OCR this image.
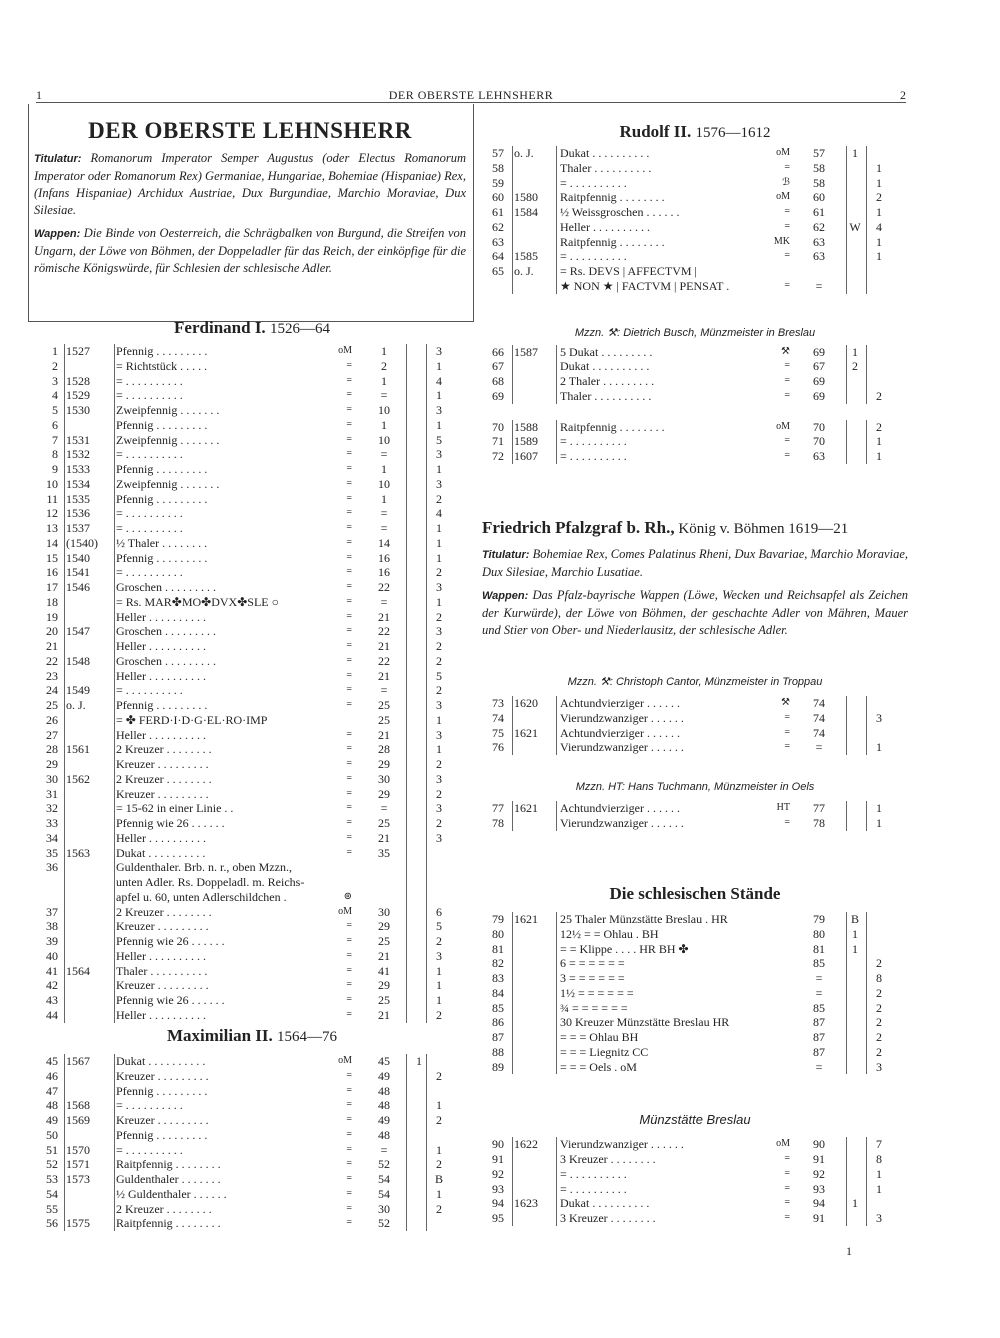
1	DER OBERSTE LEHNSHERR	2
DER OBERSTE LEHNSHERR

Titulatur: Romanorum Imperator Semper Augustus (oder Electus Romanorum Imperator oder Romanorum Rex) Germaniae, Hungariae, Bohemiae (Hispaniae) Rex, (Infans Hispaniae) Archidux Austriae, Dux Burgundiae, Marchio Moraviae, Dux Silesiae.

Wappen: Die Binde von Oesterreich, die Schrägbalken von Burgund, die Streifen von Ungarn, der Löwe von Böhmen, der Doppeladler für das Reich, der einköpfige für die römische Königswürde, für Schlesien der schlesische Adler.

Ferdinand I. 1526—64

1 1527	Pfennig . . . . . . . . .	oM	1	3
2	= Richtstück . . . . .	=	2	1
3 1528	= . . . . . . . . . .	=	1	4
4 1529	= . . . . . . . . . .	=	=	1
5 1530	Zweipfennig . . . . . . .	=	10	3
6	Pfennig . . . . . . . . .	=	1	1
7 1531	Zweipfennig . . . . . . .	=	10	5
8 1532	= . . . . . . . . . .	=	=	3
9 1533	Pfennig . . . . . . . . .	=	1	1
10 1534	Zweipfennig . . . . . . .	=	10	3
11 1535	Pfennig . . . . . . . . .	=	1	2
12 1536	= . . . . . . . . . .	=	=	4
13 1537	= . . . . . . . . . .	=	=	1
14 (1540)	½ Thaler . . . . . . . .	=	14	1
15 1540	Pfennig . . . . . . . . .	=	16	1
16 1541	= . . . . . . . . . .	=	16	2
17 1546	Groschen . . . . . . . . .	=	22	3
18	= Rs. MAR✤MO✤DVX✤SLE ○	=	=	1
19	Heller . . . . . . . . . .	=	21	2
20 1547	Groschen . . . . . . . . .	=	22	3
21	Heller . . . . . . . . . .	=	21	2
22 1548	Groschen . . . . . . . . .	=	22	2
23	Heller . . . . . . . . . .	=	21	5
24 1549	= . . . . . . . . . .	=	=	2
25 o. J.	Pfennig . . . . . . . . .	=	25	3
26	= ✤ FERD·I·D·G·EL·RO·IMP	25	1
27	Heller . . . . . . . . . .	=	21	3
28 1561	2 Kreuzer . . . . . . . .	=	28	1
29	Kreuzer . . . . . . . . .	=	29	2
30 1562	2 Kreuzer . . . . . . . .	=	30	3
31	Kreuzer . . . . . . . . .	=	29	2
32	= 15-62 in einer Linie . .	=	=	3
33	Pfennig wie 26 . . . . . .	=	25	2
34	Heller . . . . . . . . . .	=	21	3
35 1563	Dukat . . . . . . . . . .	=	35
36	Guldenthaler. Brb. n. r., oben Mzzn.,
unten Adler. Rs. Doppeladl. m. Reichs-
apfel u. 60, unten Adlerschildchen .	⊚
37	2 Kreuzer . . . . . . . .	oM	30	6
38	Kreuzer . . . . . . . . .	=	29	5
39	Pfennig wie 26 . . . . . .	=	25	2
40	Heller . . . . . . . . . .	=	21	3
41 1564	Thaler . . . . . . . . . .	=	41	1
42	Kreuzer . . . . . . . . .	=	29	1
43	Pfennig wie 26 . . . . . .	=	25	1
44	Heller . . . . . . . . . .	=	21	2

Maximilian II. 1564—76

45 1567	Dukat . . . . . . . . . .	oM	45	1
46	Kreuzer . . . . . . . . .	=	49	2
47	Pfennig . . . . . . . . .	=	48
48 1568	= . . . . . . . . . .	=	48	1
49 1569	Kreuzer . . . . . . . . .	=	49	2
50	Pfennig . . . . . . . . .	=	48
51 1570	= . . . . . . . . . .	=	=	1
52 1571	Raitpfennig . . . . . . . .	=	52	2
53 1573	Guldenthaler . . . . . . .	=	54	B
54	½ Guldenthaler . . . . . .	=	54	1
55	2 Kreuzer . . . . . . . .	=	30	2
56 1575	Raitpfennig . . . . . . . .	=	52

Rudolf II. 1576—1612

57 o. J.	Dukat . . . . . . . . . .	oM	57	1
58	Thaler . . . . . . . . . .	=	58	1
59	= . . . . . . . . . .	ℬ	58	1
60 1580	Raitpfennig . . . . . . . .	oM	60	2
61 1584	½ Weissgroschen . . . . . .	=	61	1
62	Heller . . . . . . . . . .	=	62	W	4
63	Raitpfennig . . . . . . . .	MK	63	1
64 1585	= . . . . . . . . . .	=	63	1
65 o. J.	= Rs. DEVS | AFFECTVM |
★ NON ★ | FACTVM | PENSAT .	=	=

Mzzn. ⚒: Dietrich Busch, Münzmeister in Breslau

66 1587	5 Dukat . . . . . . . . .	⚒	69	1
67	Dukat . . . . . . . . . .	=	67	2
68	2 Thaler . . . . . . . . .	=	69
69	Thaler . . . . . . . . . .	=	69	2
70 1588	Raitpfennig . . . . . . . .	oM	70	2
71 1589	= . . . . . . . . . .	=	70	1
72 1607	= . . . . . . . . . .	=	63	1

Friedrich Pfalzgraf b. Rh., König v. Böhmen 1619—21

Titulatur: Bohemiae Rex, Comes Palatinus Rheni, Dux Bavariae, Marchio Moraviae, Dux Silesiae, Marchio Lusatiae.

Wappen: Das Pfalz-bayrische Wappen (Löwe, Wecken und Reichsapfel als Zeichen der Kurwürde), der Löwe von Böhmen, der geschachte Adler von Mähren, Mauer und Stier von Ober- und Niederlausitz, der schlesische Adler.

Mzzn. ⚒: Christoph Cantor, Münzmeister in Troppau

73 1620	Achtundvierziger . . . . . .	⚒	74
74	Vierundzwanziger . . . . . .	=	74	3
75 1621	Achtundvierziger . . . . . .	=	74
76	Vierundzwanziger . . . . . .	=	=	1

Mzzn. HT: Hans Tuchmann, Münzmeister in Oels

77 1621	Achtundvierziger . . . . . .	HT	77	1
78	Vierundzwanziger . . . . . .	=	78	1

Die schlesischen Stände

79 1621	25 Thaler Münzstätte Breslau . HR	79	B
80	12½ = = Ohlau . BH	80	1
81	= = Klippe . . . . HR BH ✤	81	1
82	6 = = = = = =	85	2
83	3 = = = = = =	=	8
84	1½ = = = = = =	=	2
85	¾ = = = = = =	85	2
86	30 Kreuzer Münzstätte Breslau HR	87	2
87	= = = Ohlau BH	87	2
88	= = = Liegnitz CC	87	2
89	= = = Oels . oM	=	3

Münzstätte Breslau

90 1622	Vierundzwanziger . . . . . .	oM	90	7
91	3 Kreuzer . . . . . . . .	=	91	8
92	= . . . . . . . . . .	=	92	1
93	= . . . . . . . . . .	=	93	1
94 1623	Dukat . . . . . . . . . .	=	94	1
95	3 Kreuzer . . . . . . . .	=	91	3
1
